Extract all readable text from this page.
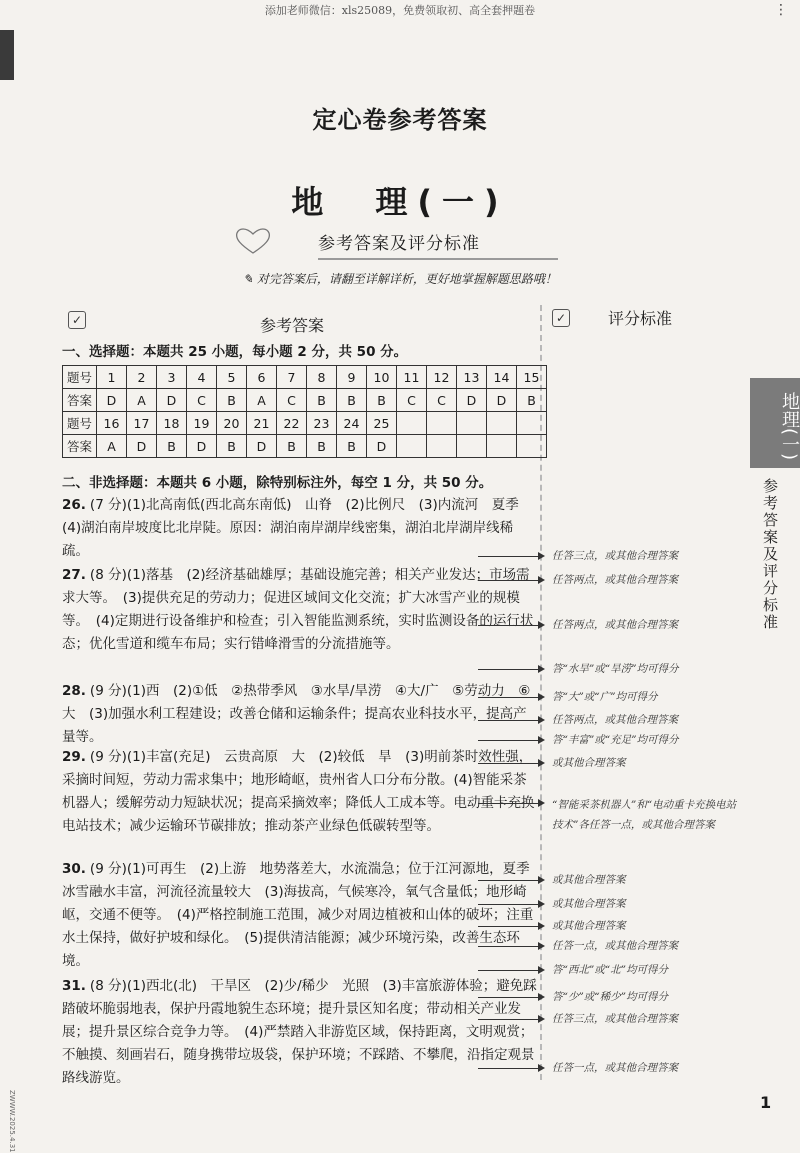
添加老师微信：xls25089，免费领取初、高全套押题卷	⋮
定心卷参考答案
地　理(一)
参考答案及评分标准
✎ 对完答案后，请翻至详解详析，更好地掌握解题思路哦！
✓	参考答案	✓	评分标准
一、选择题：本题共 25 小题，每小题 2 分，共 50 分。
题号	1	2	3	4	5	6	7	8	9	10	11	12	13	14	15
答案	D	A	D	C	B	A	C	B	B	B	C	C	D	D	B
题号	16	17	18	19	20	21	22	23	24	25					
答案	A	D	B	D	B	D	B	B	B	D					
二、非选择题：本题共 6 小题，除特别标注外，每空 1 分，共 50 分。
26. (7 分)(1)北高南低(西北高东南低)　山脊　(2)比例尺　(3)内流河　夏季　(4)湖泊南岸坡度比北岸陡。原因：湖泊南岸湖岸线密集，湖泊北岸湖岸线稀疏。
27. (8 分)(1)落基　(2)经济基础雄厚；基础设施完善；相关产业发达；市场需求大等。　(3)提供充足的劳动力；促进区域间文化交流；扩大冰雪产业的规模等。　(4)定期进行设备维护和检查；引入智能监测系统，实时监测设备的运行状态；优化雪道和缆车布局；实行错峰滑雪的分流措施等。
28. (9 分)(1)西　(2)①低　②热带季风　③水旱/旱涝　④大/广　⑤劳动力　⑥大　(3)加强水利工程建设；改善仓储和运输条件；提高农业科技水平，提高产量等。
29. (9 分)(1)丰富(充足)　云贵高原　大　(2)较低　旱　(3)明前茶时效性强，采摘时间短，劳动力需求集中；地形崎岖，贵州省人口分布分散。(4)智能采茶机器人；缓解劳动力短缺状况；提高采摘效率；降低人工成本等。电动重卡充换电站技术；减少运输环节碳排放；推动茶产业绿色低碳转型等。
30. (9 分)(1)可再生　(2)上游　地势落差大，水流湍急；位于江河源地，夏季冰雪融水丰富，河流径流量较大　(3)海拔高，气候寒冷，氧气含量低；地形崎岖，交通不便等。　(4)严格控制施工范围，减少对周边植被和山体的破坏；注重水土保持，做好护坡和绿化。　(5)提供清洁能源；减少环境污染，改善生态环境。
31. (8 分)(1)西北(北)　干旱区　(2)少/稀少　光照　(3)丰富旅游体验；避免踩踏破坏脆弱地表，保护丹霞地貌生态环境；提升景区知名度；带动相关产业发展；提升景区综合竞争力等。　(4)严禁踏入非游览区域，保持距离，文明观赏；不触摸、刻画岩石，随身携带垃圾袋，保护环境；不踩踏、不攀爬，沿指定观景路线游览。
任答三点，或其他合理答案
任答两点，或其他合理答案
任答两点，或其他合理答案
答“水旱”或“旱涝”均可得分
答“大”或“广”均可得分
任答两点，或其他合理答案
答“丰富”或“充足”均可得分
或其他合理答案
“智能采茶机器人”和“电动重卡充换电站技术”各任答一点，或其他合理答案
或其他合理答案
或其他合理答案
或其他合理答案
任答一点，或其他合理答案
答“西北”或“北”均可得分
答“少”或“稀少”均可得分
任答三点，或其他合理答案
任答一点，或其他合理答案
地理(一)
参考答案及评分标准
1
ZWWW.2025.4.31
